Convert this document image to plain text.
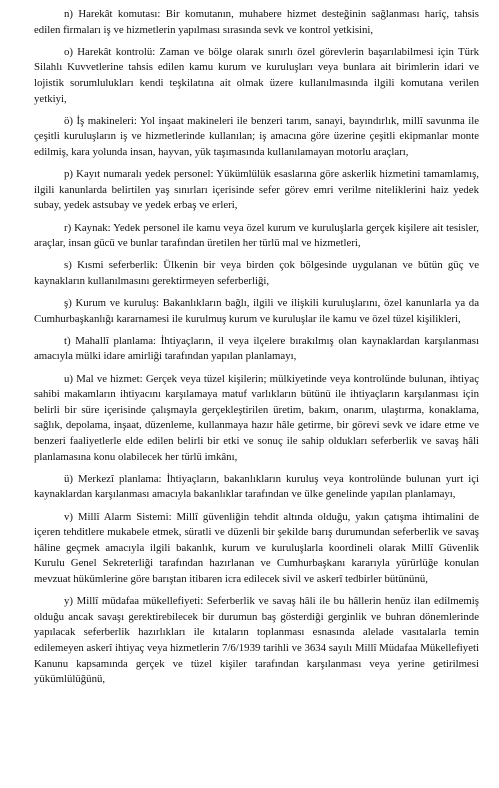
n) Harekât komutası: Bir komutanın, muhabere hizmet desteğinin sağlanması hariç, tahsis edilen firmaları iş ve hizmetlerin yapılması sırasında sevk ve kontrol yetkisini,

o) Harekât kontrolü: Zaman ve bölge olarak sınırlı özel görevlerin başarılabilmesi için Türk Silahlı Kuvvetlerine tahsis edilen kamu kurum ve kuruluşları veya bunlara ait birimlerin idari ve lojistik sorumlulukları kendi teşkilatına ait olmak üzere kullanılmasında ilgili komutana verilen yetkiyi,

ö) İş makineleri: Yol inşaat makineleri ile benzeri tarım, sanayi, bayındırlık, millî savunma ile çeşitli kuruluşların iş ve hizmetlerinde kullanılan; iş amacına göre üzerine çeşitli ekipmanlar monte edilmiş, kara yolunda insan, hayvan, yük taşımasında kullanılamayan motorlu araçları,

p) Kayıt numaralı yedek personel: Yükümlülük esaslarına göre askerlik hizmetini tamamlamış, ilgili kanunlarda belirtilen yaş sınırları içerisinde sefer görev emri verilme niteliklerini haiz yedek subay, yedek astsubay ve yedek erbaş ve erleri,

r) Kaynak: Yedek personel ile kamu veya özel kurum ve kuruluşlarla gerçek kişilere ait tesisler, araçlar, insan gücü ve bunlar tarafından üretilen her türlü mal ve hizmetleri,

s) Kısmi seferberlik: Ülkenin bir veya birden çok bölgesinde uygulanan ve bütün güç ve kaynakların kullanılmasını gerektirmeyen seferberliği,

ş) Kurum ve kuruluş: Bakanlıkların bağlı, ilgili ve ilişkili kuruluşlarını, özel kanunlarla ya da Cumhurbaşkanlığı kararnamesi ile kurulmuş kurum ve kuruluşlar ile kamu ve özel tüzel kişilikleri,

t) Mahallî planlama: İhtiyaçların, il veya ilçelere bırakılmış olan kaynaklardan karşılanması amacıyla mülki idare amirliği tarafından yapılan planlamayı,

u) Mal ve hizmet: Gerçek veya tüzel kişilerin; mülkiyetinde veya kontrolünde bulunan, ihtiyaç sahibi makamların ihtiyacını karşılamaya matuf varlıkların bütünü ile ihtiyaçların karşılanması için belirli bir süre içerisinde çalışmayla gerçekleştirilen üretim, bakım, onarım, ulaştırma, konaklama, sağlık, depolama, inşaat, düzenleme, kullanmaya hazır hâle getirme, bir görevi sevk ve idare etme ve benzeri faaliyetlerle elde edilen belirli bir etki ve sonuç ile sahip oldukları seferberlik ve savaş hâli planlamasına konu olabilecek her türlü imkânı,

ü) Merkezî planlama: İhtiyaçların, bakanlıkların kuruluş veya kontrolünde bulunan yurt içi kaynaklardan karşılanması amacıyla bakanlıklar tarafından ve ülke genelinde yapılan planlamayı,

v) Millî Alarm Sistemi: Millî güvenliğin tehdit altında olduğu, yakın çatışma ihtimalini de içeren tehditlere mukabele etmek, süratli ve düzenli bir şekilde barış durumundan seferberlik ve savaş hâline geçmek amacıyla ilgili bakanlık, kurum ve kuruluşlarla koordineli olarak Millî Güvenlik Kurulu Genel Sekreterliği tarafından hazırlanan ve Cumhurbaşkanı kararıyla yürürlüğe konulan mevzuat hükümlerine göre barıştan itibaren icra edilecek sivil ve askerî tedbirler bütününü,

y) Millî müdafaa mükellefiyeti: Seferberlik ve savaş hâli ile bu hâllerin henüz ilan edilmemiş olduğu ancak savaşı gerektirebilecek bir durumun baş gösterdiği gerginlik ve buhran dönemlerinde yapılacak seferberlik hazırlıkları ile kıtaların toplanması esnasında alelade vasıtalarla temin edilemeyen askerî ihtiyaç veya hizmetlerin 7/6/1939 tarihli ve 3634 sayılı Millî Müdafaa Mükellefiyeti Kanunu kapsamında gerçek ve tüzel kişiler tarafından karşılanması veya yerine getirilmesi yükümlülüğünü,
